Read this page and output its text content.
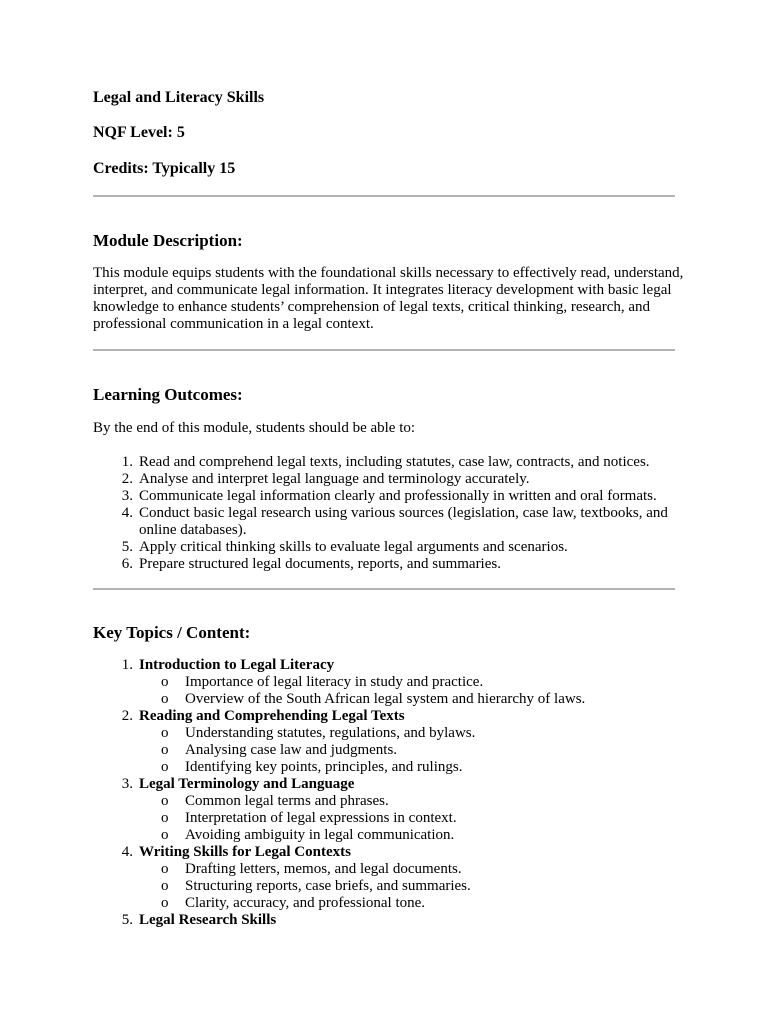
Legal and Literacy Skills

NQF Level: 5

Credits: Typically 15

Module Description:

This module equips students with the foundational skills necessary to effectively read, understand, interpret, and communicate legal information. It integrates literacy development with basic legal knowledge to enhance students’ comprehension of legal texts, critical thinking, research, and professional communication in a legal context.

Learning Outcomes:

By the end of this module, students should be able to:

1. Read and comprehend legal texts, including statutes, case law, contracts, and notices.
2. Analyse and interpret legal language and terminology accurately.
3. Communicate legal information clearly and professionally in written and oral formats.
4. Conduct basic legal research using various sources (legislation, case law, textbooks, and online databases).
5. Apply critical thinking skills to evaluate legal arguments and scenarios.
6. Prepare structured legal documents, reports, and summaries.
Key Topics / Content:
1. Introduction to Legal Literacy
o Importance of legal literacy in study and practice.
o Overview of the South African legal system and hierarchy of laws.
2. Reading and Comprehending Legal Texts
o Understanding statutes, regulations, and bylaws.
o Analysing case law and judgments.
o Identifying key points, principles, and rulings.
3. Legal Terminology and Language
o Common legal terms and phrases.
o Interpretation of legal expressions in context.
o Avoiding ambiguity in legal communication.
4. Writing Skills for Legal Contexts
o Drafting letters, memos, and legal documents.
o Structuring reports, case briefs, and summaries.
o Clarity, accuracy, and professional tone.
5. Legal Research Skills
